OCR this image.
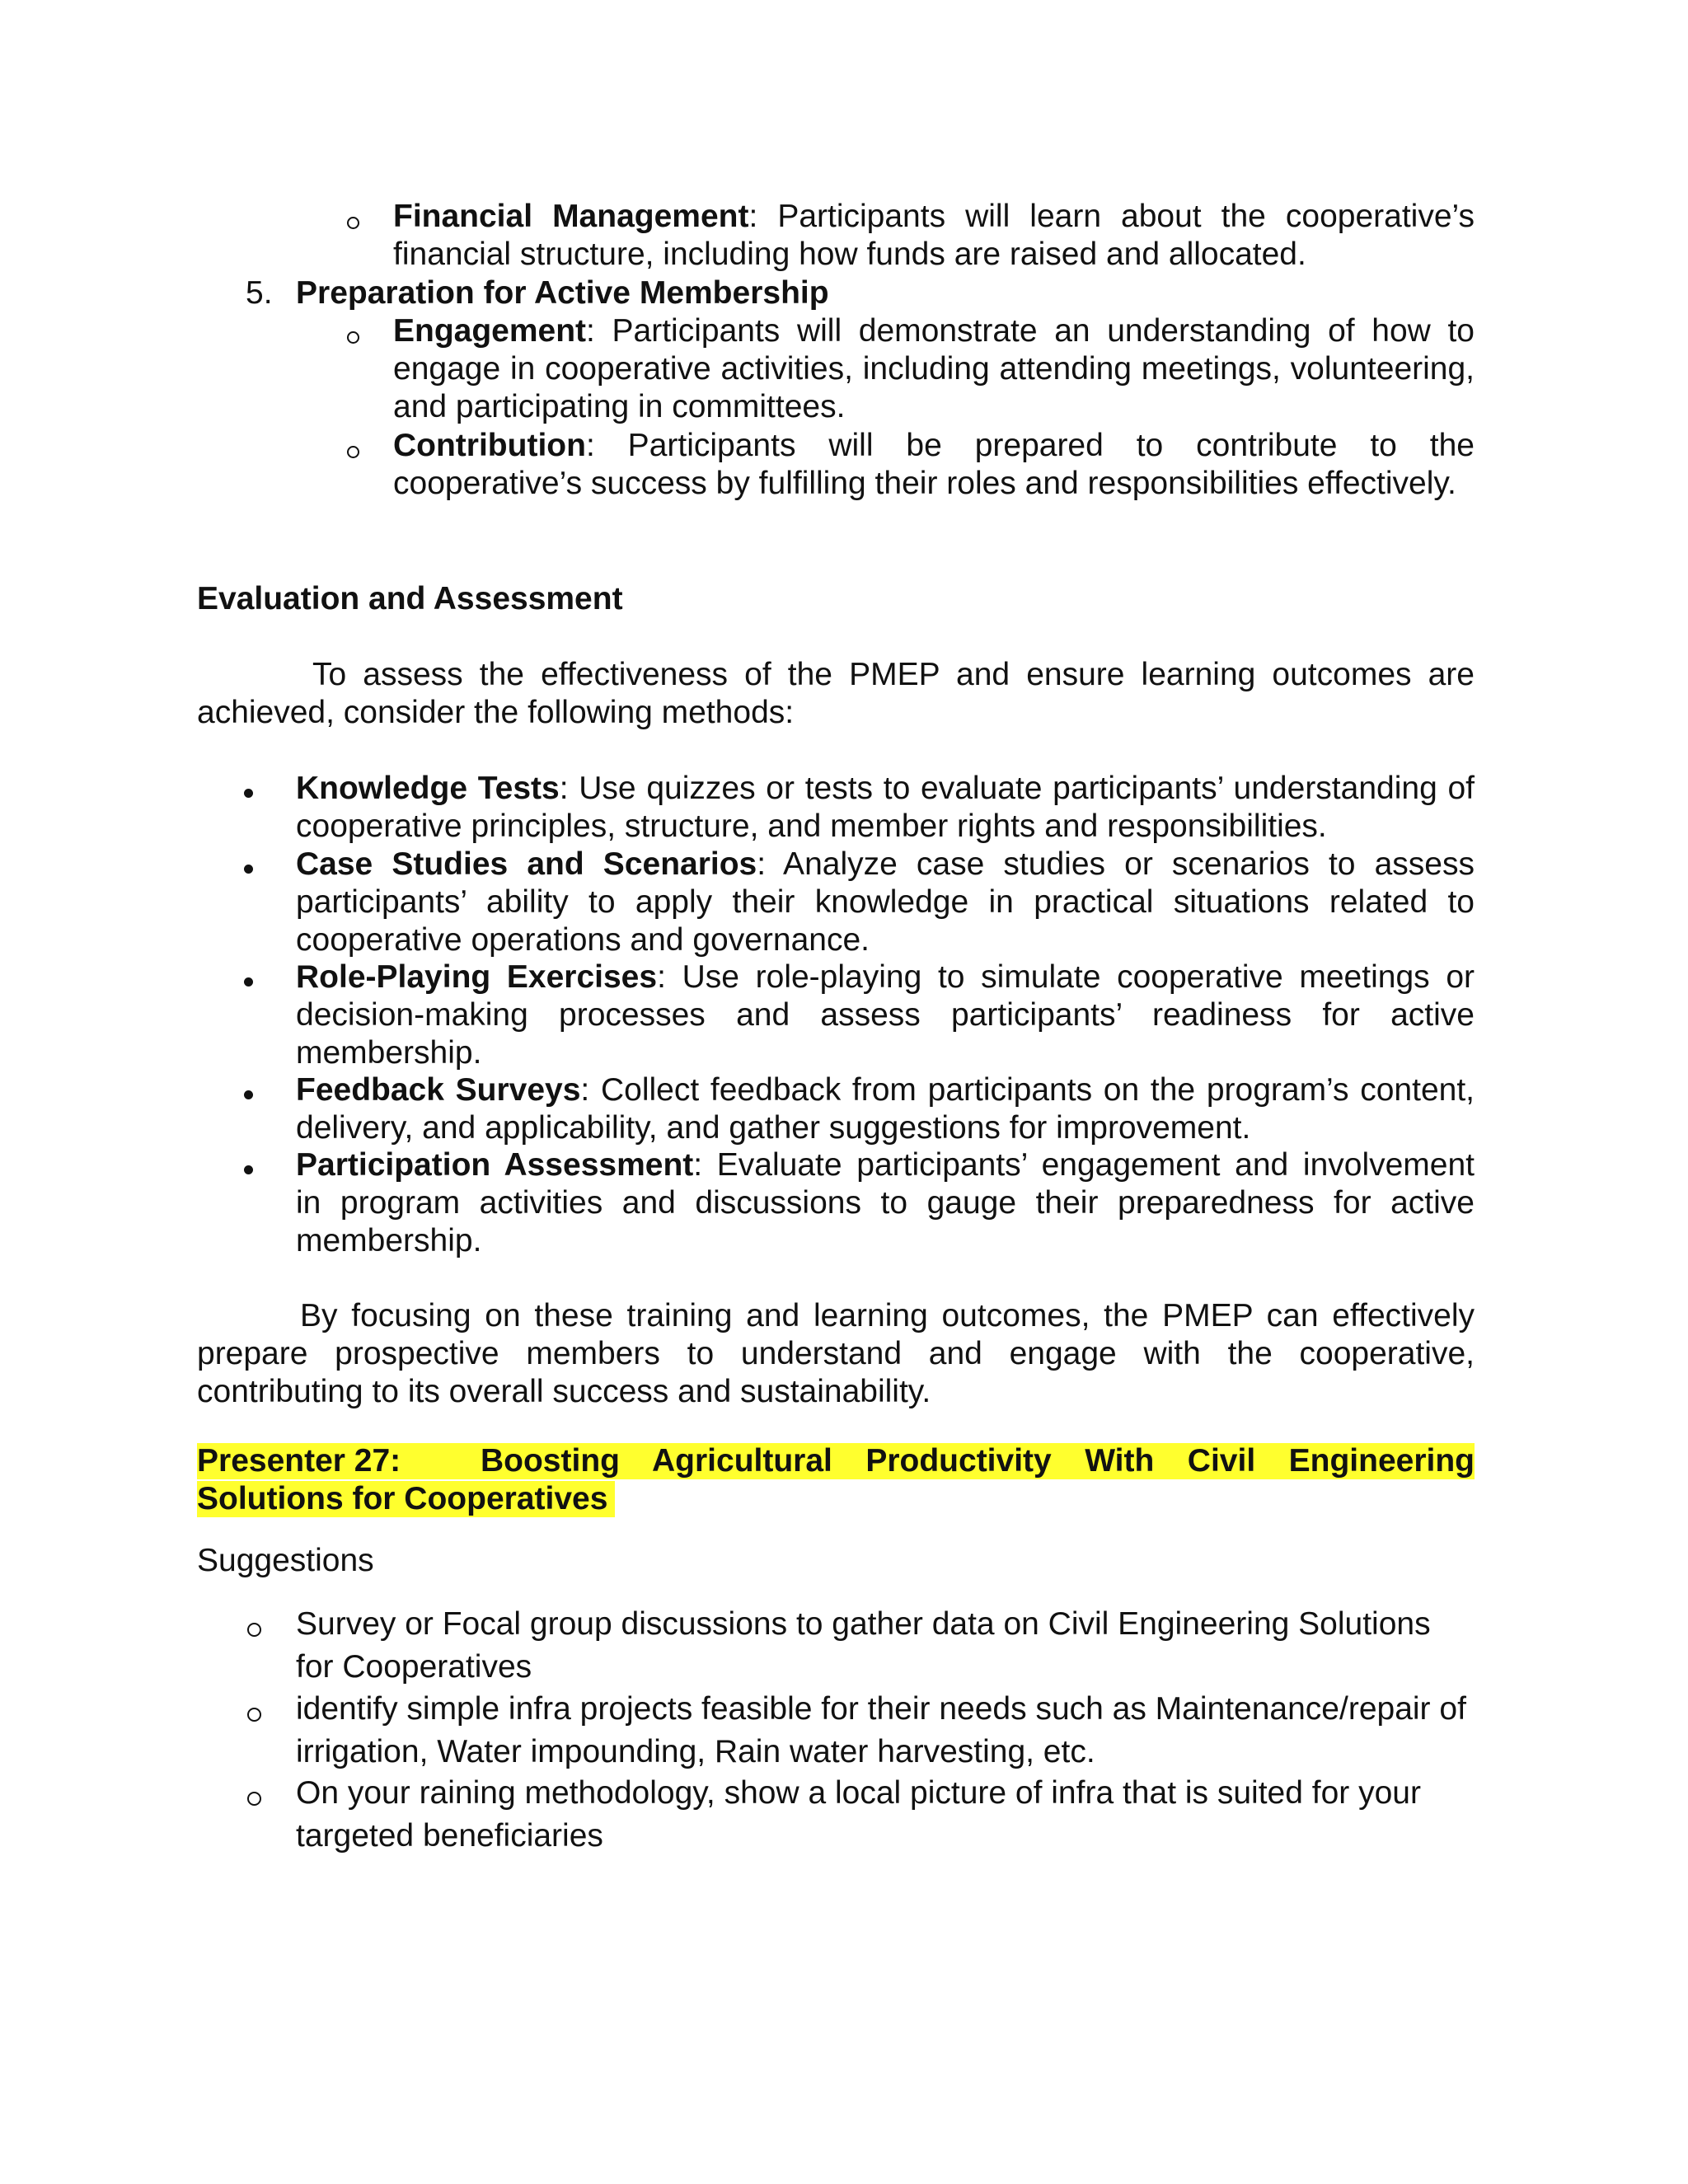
Financial Management: Participants will learn about the cooperative’s financial structure, including how funds are raised and allocated.
5. Preparation for Active Membership
Engagement: Participants will demonstrate an understanding of how to engage in cooperative activities, including attending meetings, volunteering, and participating in committees.
Contribution: Participants will be prepared to contribute to the cooperative’s success by fulfilling their roles and responsibilities effectively.
Evaluation and Assessment
To assess the effectiveness of the PMEP and ensure learning outcomes are achieved, consider the following methods:
Knowledge Tests: Use quizzes or tests to evaluate participants’ understanding of cooperative principles, structure, and member rights and responsibilities.
Case Studies and Scenarios: Analyze case studies or scenarios to assess participants’ ability to apply their knowledge in practical situations related to cooperative operations and governance.
Role-Playing Exercises: Use role-playing to simulate cooperative meetings or decision-making processes and assess participants’ readiness for active membership.
Feedback Surveys: Collect feedback from participants on the program’s content, delivery, and applicability, and gather suggestions for improvement.
Participation Assessment: Evaluate participants’ engagement and involvement in program activities and discussions to gauge their preparedness for active membership.
By focusing on these training and learning outcomes, the PMEP can effectively prepare prospective members to understand and engage with the cooperative, contributing to its overall success and sustainability.
Presenter 27: Boosting Agricultural Productivity With Civil Engineering
Solutions for Cooperatives
Suggestions
Survey or Focal group discussions to gather data on Civil Engineering Solutions for Cooperatives
identify simple infra projects feasible for their needs such as Maintenance/repair of irrigation, Water impounding, Rain water harvesting, etc.
On your raining methodology, show a local picture of infra that is suited for your targeted beneficiaries
